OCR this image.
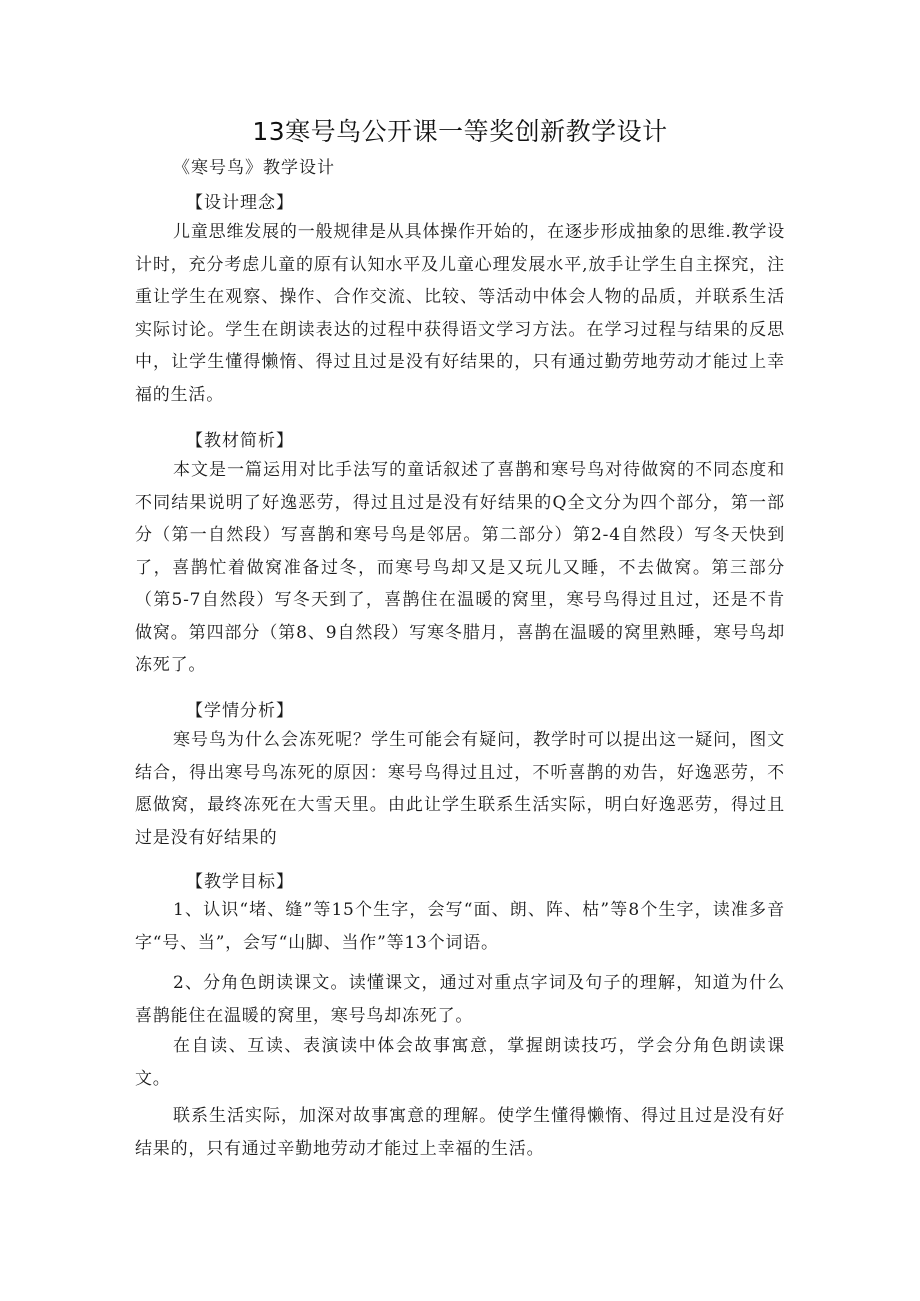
13寒号鸟公开课一等奖创新教学设计

《寒号鸟》教学设计

【设计理念】

儿童思维发展的一般规律是从具体操作开始的，在逐步形成抽象的思维.教学设计时，充分考虑儿童的原有认知水平及儿童心理发展水平,放手让学生自主探究，注重让学生在观察、操作、合作交流、比较、等活动中体会人物的品质，并联系生活实际讨论。学生在朗读表达的过程中获得语文学习方法。在学习过程与结果的反思中，让学生懂得懒惰、得过且过是没有好结果的，只有通过勤劳地劳动才能过上幸福的生活。

【教材简析】

本文是一篇运用对比手法写的童话叙述了喜鹊和寒号鸟对待做窝的不同态度和不同结果说明了好逸恶劳，得过且过是没有好结果的Q全文分为四个部分，第一部分（第一自然段）写喜鹊和寒号鸟是邻居。第二部分）第2-4自然段）写冬天快到了，喜鹊忙着做窝准备过冬，而寒号鸟却又是又玩儿又睡，不去做窝。第三部分（第5-7自然段）写冬天到了，喜鹊住在温暖的窝里，寒号鸟得过且过，还是不肯做窝。第四部分（第8、9自然段）写寒冬腊月，喜鹊在温暖的窝里熟睡，寒号鸟却冻死了。

【学情分析】

寒号鸟为什么会冻死呢？学生可能会有疑问，教学时可以提出这一疑问，图文结合，得出寒号鸟冻死的原因：寒号鸟得过且过，不听喜鹊的劝告，好逸恶劳，不愿做窝，最终冻死在大雪天里。由此让学生联系生活实际，明白好逸恶劳，得过且过是没有好结果的

【教学目标】

1、认识“堵、缝”等15个生字，会写“面、朗、阵、枯”等8个生字，读准多音字“号、当”，会写“山脚、当作”等13个词语。

2、分角色朗读课文。读懂课文，通过对重点字词及句子的理解，知道为什么喜鹊能住在温暖的窝里，寒号鸟却冻死了。

在自读、互读、表演读中体会故事寓意，掌握朗读技巧，学会分角色朗读课文。

联系生活实际，加深对故事寓意的理解。使学生懂得懒惰、得过且过是没有好结果的，只有通过辛勤地劳动才能过上幸福的生活。
